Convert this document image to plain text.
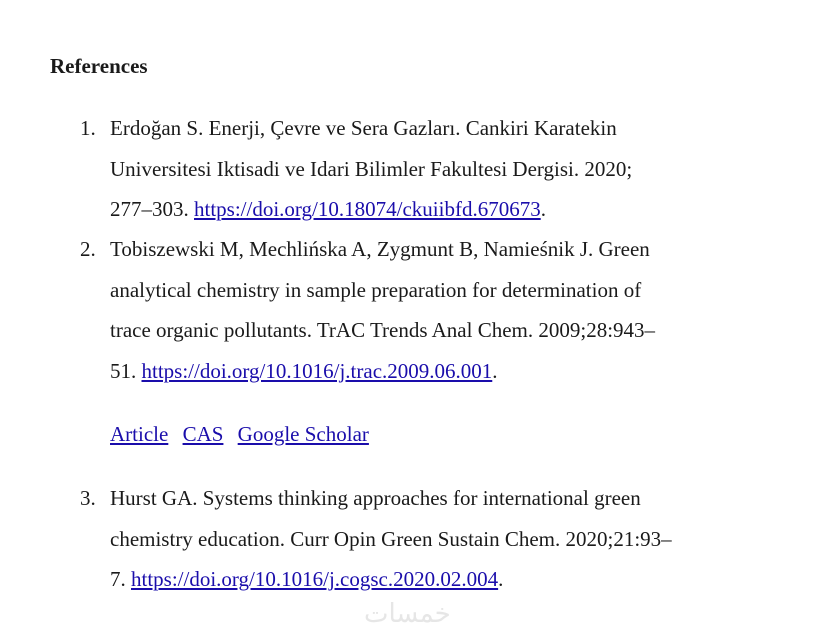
References
1. Erdoğan S. Enerji, Çevre ve Sera Gazları. Cankiri Karatekin
Universitesi Iktisadi ve Idari Bilimler Fakultesi Dergisi. 2020;
277–303. https://doi.org/10.18074/ckuiibfd.670673.
2. Tobiszewski M, Mechlińska A, Zygmunt B, Namieśnik J. Green
analytical chemistry in sample preparation for determination of
trace organic pollutants. TrAC Trends Anal Chem. 2009;28:943–
51. https://doi.org/10.1016/j.trac.2009.06.001.
Article CAS Google Scholar
3. Hurst GA. Systems thinking approaches for international green
chemistry education. Curr Opin Green Sustain Chem. 2020;21:93–
7. https://doi.org/10.1016/j.cogsc.2020.02.004.
خمسات
